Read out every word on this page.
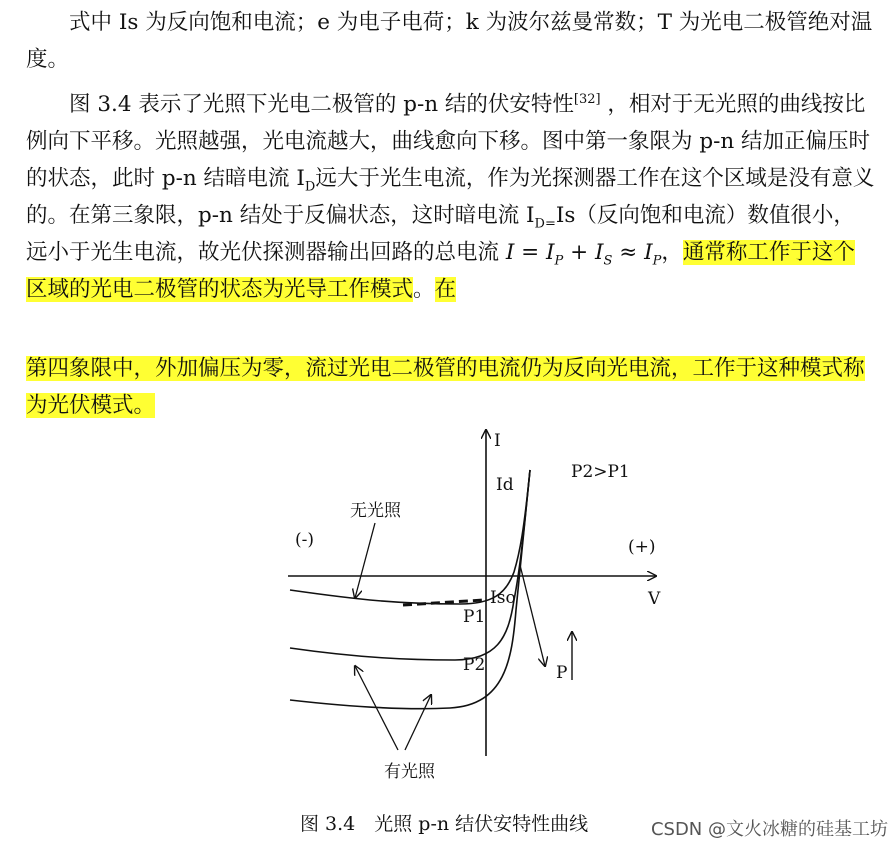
式中 Is 为反向饱和电流；e 为电子电荷；k 为波尔兹曼常数；T 为光电二极管绝对温度。

图 3.4 表示了光照下光电二极管的 p-n 结的伏安特性[32] ，相对于无光照的曲线按比例向下平移。光照越强，光电流越大，曲线愈向下移。图中第一象限为 p-n 结加正偏压时的状态，此时 p-n 结暗电流 $I_D$远大于光生电流，作为光探测器工作在这个区域是没有意义的。在第三象限，p-n 结处于反偏状态，这时暗电流 $I_{D=}Is$（反向饱和电流）数值很小，远小于光生电流，故光伏探测器输出回路的总电流 $I = I_P + I_S \approx I_P$，通常称工作于这个区域的光电二极管的状态为光导工作模式。在

第四象限中，外加偏压为零，流过光电二极管的电流仍为反向光电流，工作于这种模式称为光伏模式。

I
V
(-)	(+)
Id
P2>P1
无光照
有光照
Iso
P1
P2	P
图 3.4　光照 p-n 结伏安特性曲线	CSDN @文火冰糖的硅基工坊
